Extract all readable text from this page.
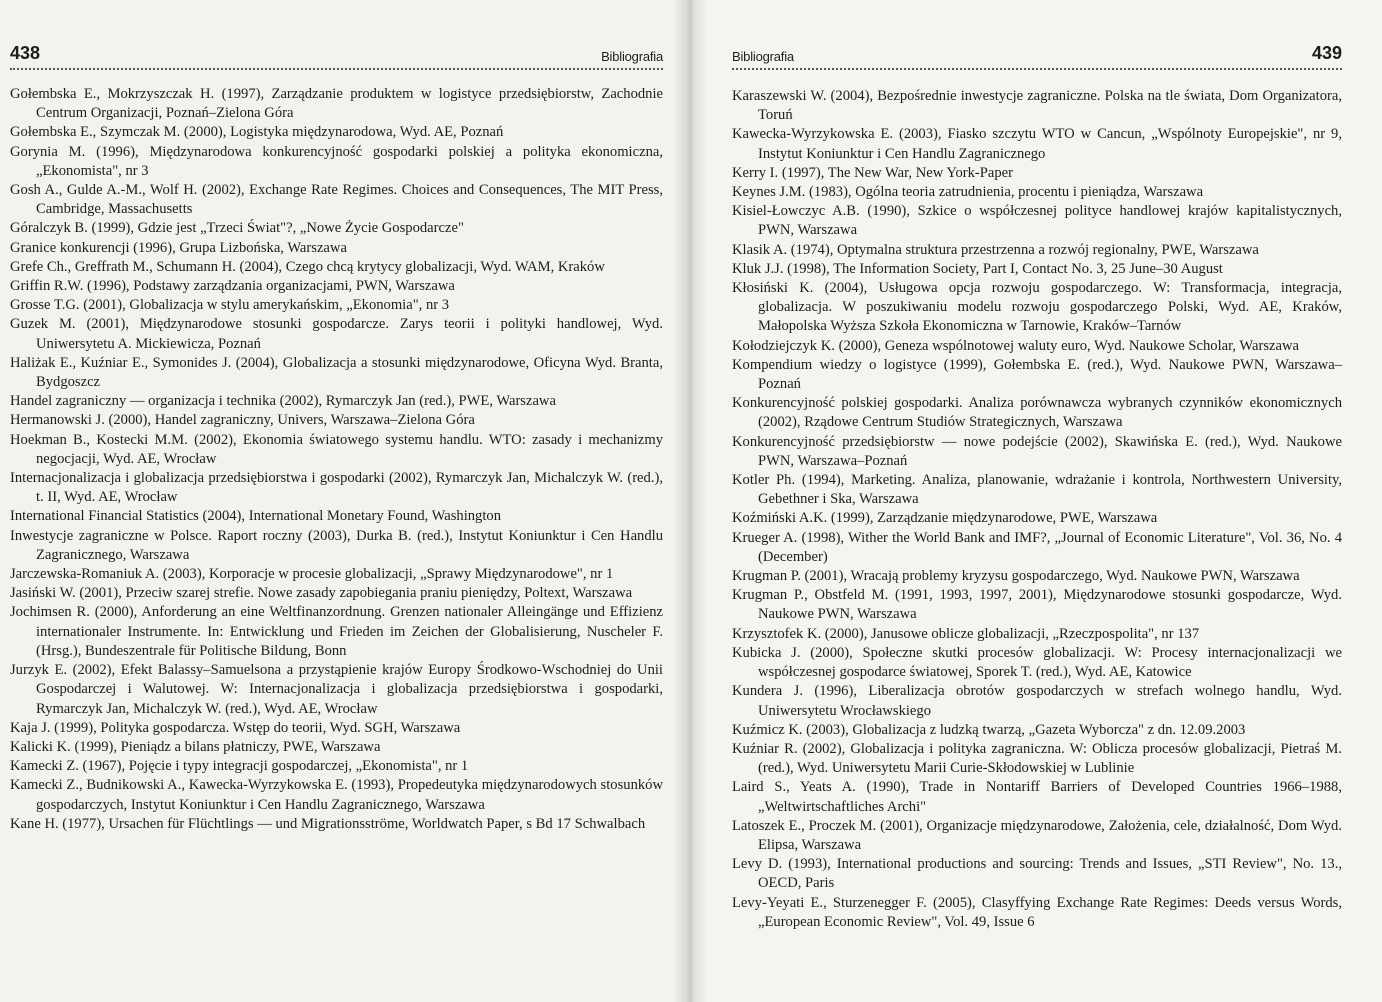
438	Bibliografia

Gołembska E., Mokrzyszczak H. (1997), Zarządzanie produktem w logistyce przedsiębiorstw, Zachodnie Centrum Organizacji, Poznań–Zielona Góra

Gołembska E., Szymczak M. (2000), Logistyka międzynarodowa, Wyd. AE, Poznań

Gorynia M. (1996), Międzynarodowa konkurencyjność gospodarki polskiej a polityka ekonomiczna, „Ekonomista", nr 3

Gosh A., Gulde A.-M., Wolf H. (2002), Exchange Rate Regimes. Choices and Consequences, The MIT Press, Cambridge, Massachusetts

Góralczyk B. (1999), Gdzie jest „Trzeci Świat"?, „Nowe Życie Gospodarcze"

Granice konkurencji (1996), Grupa Lizbońska, Warszawa

Grefe Ch., Greffrath M., Schumann H. (2004), Czego chcą krytycy globalizacji, Wyd. WAM, Kraków

Griffin R.W. (1996), Podstawy zarządzania organizacjami, PWN, Warszawa

Grosse T.G. (2001), Globalizacja w stylu amerykańskim, „Ekonomia", nr 3

Guzek M. (2001), Międzynarodowe stosunki gospodarcze. Zarys teorii i polityki handlowej, Wyd. Uniwersytetu A. Mickiewicza, Poznań

Haliżak E., Kuźniar E., Symonides J. (2004), Globalizacja a stosunki międzynarodowe, Oficyna Wyd. Branta, Bydgoszcz

Handel zagraniczny — organizacja i technika (2002), Rymarczyk Jan (red.), PWE, Warszawa

Hermanowski J. (2000), Handel zagraniczny, Univers, Warszawa–Zielona Góra

Hoekman B., Kostecki M.M. (2002), Ekonomia światowego systemu handlu. WTO: zasady i mechanizmy negocjacji, Wyd. AE, Wrocław

Internacjonalizacja i globalizacja przedsiębiorstwa i gospodarki (2002), Rymarczyk Jan, Michalczyk W. (red.), t. II, Wyd. AE, Wrocław

International Financial Statistics (2004), International Monetary Found, Washington

Inwestycje zagraniczne w Polsce. Raport roczny (2003), Durka B. (red.), Instytut Koniunktur i Cen Handlu Zagranicznego, Warszawa

Jarczewska-Romaniuk A. (2003), Korporacje w procesie globalizacji, „Sprawy Międzynarodowe", nr 1

Jasiński W. (2001), Przeciw szarej strefie. Nowe zasady zapobiegania praniu pieniędzy, Poltext, Warszawa

Jochimsen R. (2000), Anforderung an eine Weltfinanzordnung. Grenzen nationaler Alleingänge und Effizienz internationaler Instrumente. In: Entwicklung und Frieden im Zeichen der Globalisierung, Nuscheler F. (Hrsg.), Bundeszentrale für Politische Bildung, Bonn

Jurzyk E. (2002), Efekt Balassy–Samuelsona a przystąpienie krajów Europy Środkowo-Wschodniej do Unii Gospodarczej i Walutowej. W: Internacjonalizacja i globalizacja przedsiębiorstwa i gospodarki, Rymarczyk Jan, Michalczyk W. (red.), Wyd. AE, Wrocław

Kaja J. (1999), Polityka gospodarcza. Wstęp do teorii, Wyd. SGH, Warszawa

Kalicki K. (1999), Pieniądz a bilans płatniczy, PWE, Warszawa

Kamecki Z. (1967), Pojęcie i typy integracji gospodarczej, „Ekonomista", nr 1

Kamecki Z., Budnikowski A., Kawecka-Wyrzykowska E. (1993), Propedeutyka międzynarodowych stosunków gospodarczych, Instytut Koniunktur i Cen Handlu Zagranicznego, Warszawa

Kane H. (1977), Ursachen für Flüchtlings — und Migrationsströme, Worldwatch Paper, s Bd 17 Schwalbach

Bibliografia	439

Karaszewski W. (2004), Bezpośrednie inwestycje zagraniczne. Polska na tle świata, Dom Organizatora, Toruń

Kawecka-Wyrzykowska E. (2003), Fiasko szczytu WTO w Cancun, „Wspólnoty Europejskie", nr 9, Instytut Koniunktur i Cen Handlu Zagranicznego

Kerry I. (1997), The New War, New York-Paper

Keynes J.M. (1983), Ogólna teoria zatrudnienia, procentu i pieniądza, Warszawa

Kisiel-Łowczyc A.B. (1990), Szkice o współczesnej polityce handlowej krajów kapitalistycznych, PWN, Warszawa

Klasik A. (1974), Optymalna struktura przestrzenna a rozwój regionalny, PWE, Warszawa

Kluk J.J. (1998), The Information Society, Part I, Contact No. 3, 25 June–30 August

Kłosiński K. (2004), Usługowa opcja rozwoju gospodarczego. W: Transformacja, integracja, globalizacja. W poszukiwaniu modelu rozwoju gospodarczego Polski, Wyd. AE, Kraków, Małopolska Wyższa Szkoła Ekonomiczna w Tarnowie, Kraków–Tarnów

Kołodziejczyk K. (2000), Geneza wspólnotowej waluty euro, Wyd. Naukowe Scholar, Warszawa

Kompendium wiedzy o logistyce (1999), Gołembska E. (red.), Wyd. Naukowe PWN, Warszawa–Poznań

Konkurencyjność polskiej gospodarki. Analiza porównawcza wybranych czynników ekonomicznych (2002), Rządowe Centrum Studiów Strategicznych, Warszawa

Konkurencyjność przedsiębiorstw — nowe podejście (2002), Skawińska E. (red.), Wyd. Naukowe PWN, Warszawa–Poznań

Kotler Ph. (1994), Marketing. Analiza, planowanie, wdrażanie i kontrola, Northwestern University, Gebethner i Ska, Warszawa

Koźmiński A.K. (1999), Zarządzanie międzynarodowe, PWE, Warszawa

Krueger A. (1998), Wither the World Bank and IMF?, „Journal of Economic Literature", Vol. 36, No. 4 (December)

Krugman P. (2001), Wracają problemy kryzysu gospodarczego, Wyd. Naukowe PWN, Warszawa

Krugman P., Obstfeld M. (1991, 1993, 1997, 2001), Międzynarodowe stosunki gospodarcze, Wyd. Naukowe PWN, Warszawa

Krzysztofek K. (2000), Janusowe oblicze globalizacji, „Rzeczpospolita", nr 137

Kubicka J. (2000), Społeczne skutki procesów globalizacji. W: Procesy internacjonalizacji we współczesnej gospodarce światowej, Sporek T. (red.), Wyd. AE, Katowice

Kundera J. (1996), Liberalizacja obrotów gospodarczych w strefach wolnego handlu, Wyd. Uniwersytetu Wrocławskiego

Kuźmicz K. (2003), Globalizacja z ludzką twarzą, „Gazeta Wyborcza" z dn. 12.09.2003

Kuźniar R. (2002), Globalizacja i polityka zagraniczna. W: Oblicza procesów globalizacji, Pietraś M. (red.), Wyd. Uniwersytetu Marii Curie-Skłodowskiej w Lublinie

Laird S., Yeats A. (1990), Trade in Nontariff Barriers of Developed Countries 1966–1988, „Weltwirtschaftliches Archi"

Latoszek E., Proczek M. (2001), Organizacje międzynarodowe, Założenia, cele, działalność, Dom Wyd. Elipsa, Warszawa

Levy D. (1993), International productions and sourcing: Trends and Issues, „STI Review", No. 13., OECD, Paris

Levy-Yeyati E., Sturzenegger F. (2005), Clasyffying Exchange Rate Regimes: Deeds versus Words, „European Economic Review", Vol. 49, Issue 6
